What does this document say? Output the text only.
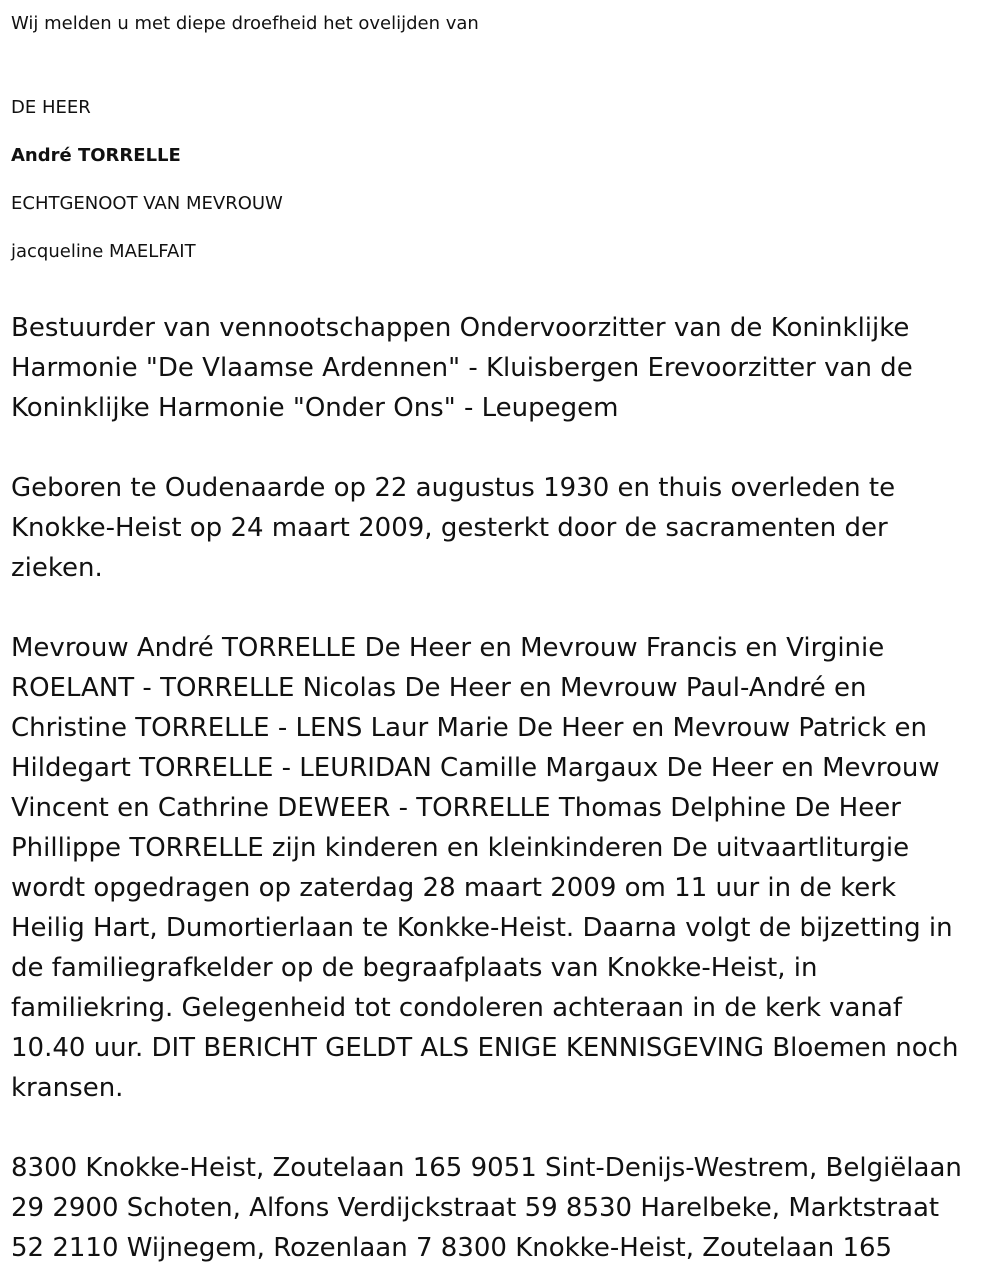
Wij melden u met diepe droefheid het ovelijden van

DE HEER

André TORRELLE

ECHTGENOOT VAN MEVROUW

jacqueline MAELFAIT

Bestuurder van vennootschappen Ondervoorzitter van de Koninklijke
Harmonie "De Vlaamse Ardennen" - Kluisbergen Erevoorzitter van de
Koninklijke Harmonie "Onder Ons" - Leupegem

Geboren te Oudenaarde op 22 augustus 1930 en thuis overleden te
Knokke-Heist op 24 maart 2009, gesterkt door de sacramenten der
zieken.

Mevrouw André TORRELLE De Heer en Mevrouw Francis en Virginie
ROELANT - TORRELLE Nicolas De Heer en Mevrouw Paul-André en
Christine TORRELLE - LENS Laur Marie De Heer en Mevrouw Patrick en
Hildegart TORRELLE - LEURIDAN Camille Margaux De Heer en Mevrouw
Vincent en Cathrine DEWEER - TORRELLE Thomas Delphine De Heer
Phillippe TORRELLE zijn kinderen en kleinkinderen De uitvaartliturgie
wordt opgedragen op zaterdag 28 maart 2009 om 11 uur in de kerk
Heilig Hart, Dumortierlaan te Konkke-Heist. Daarna volgt de bijzetting in
de familiegrafkelder op de begraafplaats van Knokke-Heist, in
familiekring. Gelegenheid tot condoleren achteraan in de kerk vanaf
10.40 uur. DIT BERICHT GELDT ALS ENIGE KENNISGEVING Bloemen noch
kransen.

8300 Knokke-Heist, Zoutelaan 165 9051 Sint-Denijs-Westrem, Belgiëlaan
29 2900 Schoten, Alfons Verdijckstraat 59 8530 Harelbeke, Marktstraat
52 2110 Wijnegem, Rozenlaan 7 8300 Knokke-Heist, Zoutelaan 165
